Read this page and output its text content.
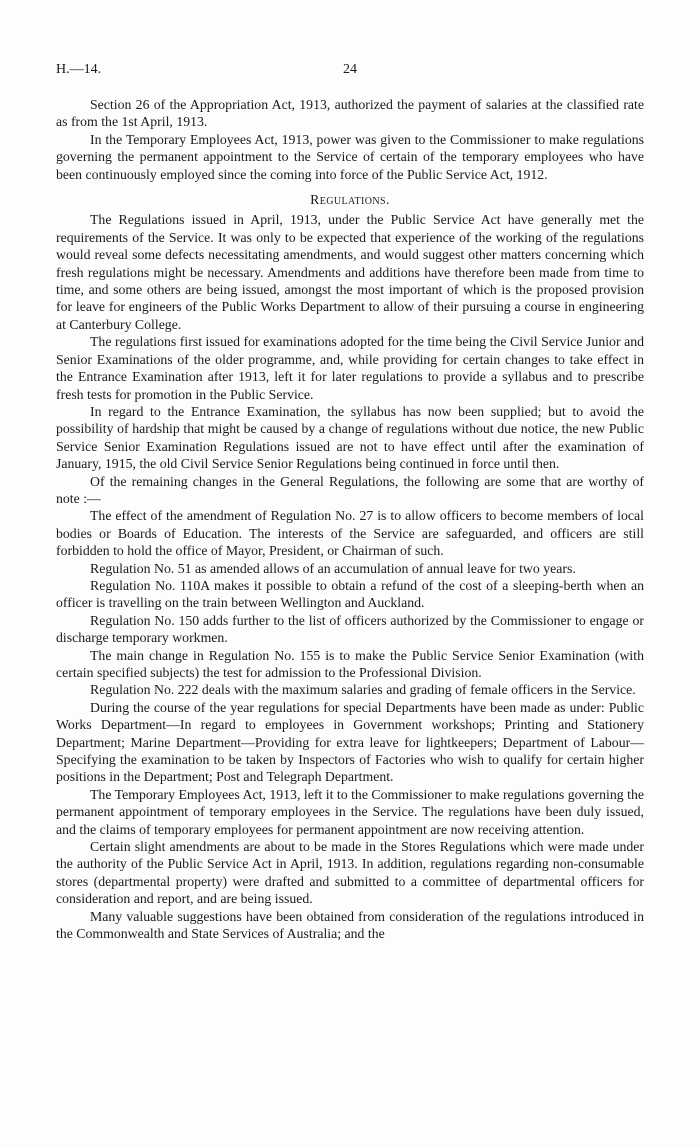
H.—14.	24

Section 26 of the Appropriation Act, 1913, authorized the payment of salaries at the classified rate as from the 1st April, 1913.

In the Temporary Employees Act, 1913, power was given to the Commissioner to make regulations governing the permanent appointment to the Service of certain of the temporary employees who have been continuously employed since the coming into force of the Public Service Act, 1912.

Regulations.

The Regulations issued in April, 1913, under the Public Service Act have generally met the requirements of the Service. It was only to be expected that experience of the working of the regulations would reveal some defects necessitating amendments, and would suggest other matters concerning which fresh regulations might be necessary. Amendments and additions have therefore been made from time to time, and some others are being issued, amongst the most important of which is the proposed provision for leave for engineers of the Public Works Department to allow of their pursuing a course in engineering at Canterbury College.

The regulations first issued for examinations adopted for the time being the Civil Service Junior and Senior Examinations of the older programme, and, while providing for certain changes to take effect in the Entrance Examination after 1913, left it for later regulations to provide a syllabus and to prescribe fresh tests for promotion in the Public Service.

In regard to the Entrance Examination, the syllabus has now been supplied; but to avoid the possibility of hardship that might be caused by a change of regulations without due notice, the new Public Service Senior Examination Regulations issued are not to have effect until after the examination of January, 1915, the old Civil Service Senior Regulations being continued in force until then.

Of the remaining changes in the General Regulations, the following are some that are worthy of note :—

The effect of the amendment of Regulation No. 27 is to allow officers to become members of local bodies or Boards of Education. The interests of the Service are safeguarded, and officers are still forbidden to hold the office of Mayor, President, or Chairman of such.

Regulation No. 51 as amended allows of an accumulation of annual leave for two years.

Regulation No. 110A makes it possible to obtain a refund of the cost of a sleeping-berth when an officer is travelling on the train between Wellington and Auckland.

Regulation No. 150 adds further to the list of officers authorized by the Commissioner to engage or discharge temporary workmen.

The main change in Regulation No. 155 is to make the Public Service Senior Examination (with certain specified subjects) the test for admission to the Professional Division.

Regulation No. 222 deals with the maximum salaries and grading of female officers in the Service.

During the course of the year regulations for special Departments have been made as under: Public Works Department—In regard to employees in Government workshops; Printing and Stationery Department; Marine Department—Providing for extra leave for lightkeepers; Department of Labour—Specifying the examination to be taken by Inspectors of Factories who wish to qualify for certain higher positions in the Department; Post and Telegraph Department.

The Temporary Employees Act, 1913, left it to the Commissioner to make regulations governing the permanent appointment of temporary employees in the Service. The regulations have been duly issued, and the claims of temporary employees for permanent appointment are now receiving attention.

Certain slight amendments are about to be made in the Stores Regulations which were made under the authority of the Public Service Act in April, 1913. In addition, regulations regarding non-consumable stores (departmental property) were drafted and submitted to a committee of departmental officers for consideration and report, and are being issued.

Many valuable suggestions have been obtained from consideration of the regulations introduced in the Commonwealth and State Services of Australia; and the
